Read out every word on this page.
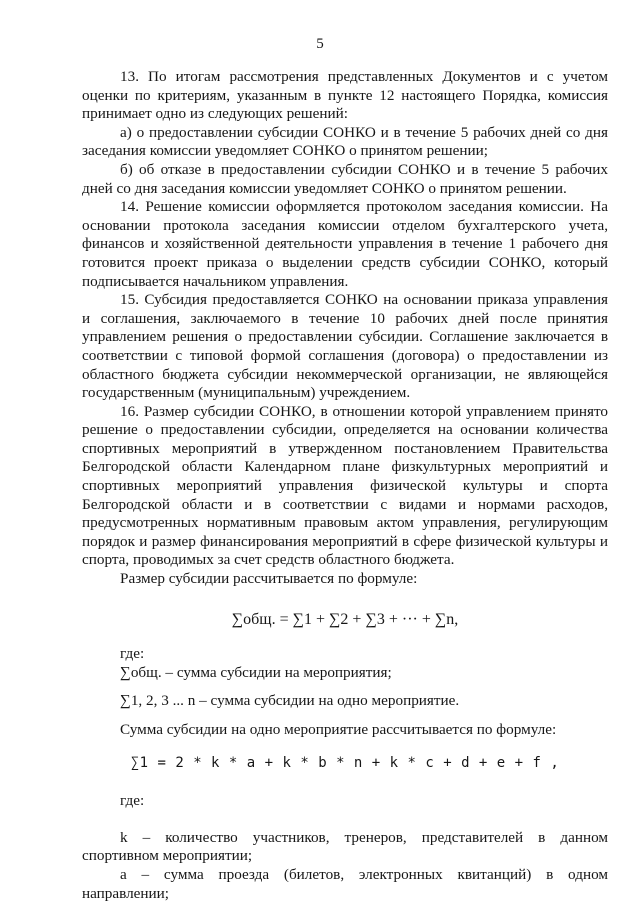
5

13. По итогам рассмотрения представленных Документов и с учетом оценки по критериям, указанным в пункте 12 настоящего Порядка, комиссия принимает одно из следующих решений:

а) о предоставлении субсидии СОНКО и в течение 5 рабочих дней со дня заседания комиссии уведомляет СОНКО о принятом решении;

б) об отказе в предоставлении субсидии СОНКО и в течение 5 рабочих дней со дня заседания комиссии уведомляет СОНКО о принятом решении.

14. Решение комиссии оформляется протоколом заседания комиссии. На основании протокола заседания комиссии отделом бухгалтерского учета, финансов и хозяйственной деятельности управления в течение 1 рабочего дня готовится проект приказа о выделении средств субсидии СОНКО, который подписывается начальником управления.

15. Субсидия предоставляется СОНКО на основании приказа управления и соглашения, заключаемого в течение 10 рабочих дней после принятия управлением решения о предоставлении субсидии. Соглашение заключается в соответствии с типовой формой соглашения (договора) о предоставлении из областного бюджета субсидии некоммерческой организации, не являющейся государственным (муниципальным) учреждением.

16. Размер субсидии СОНКО, в отношении которой управлением принято решение о предоставлении субсидии, определяется на основании количества спортивных мероприятий в утвержденном постановлением Правительства Белгородской области Календарном плане физкультурных мероприятий и спортивных мероприятий управления физической культуры и спорта Белгородской области и в соответствии с видами и нормами расходов, предусмотренных нормативным правовым актом управления, регулирующим порядок и размер финансирования мероприятий в сфере физической культуры и спорта, проводимых за счет средств областного бюджета.

Размер субсидии рассчитывается по формуле:

∑общ. = ∑1 + ∑2 + ∑3 + ··· + ∑n,

где:

∑общ. – сумма субсидии на мероприятия;

∑1, 2, 3 ... n – сумма субсидии на одно мероприятие.

Сумма субсидии на одно мероприятие рассчитывается по формуле:

∑1 = 2 * k * a + k * b * n + k * c + d + e + f ,

где:

k – количество участников, тренеров, представителей в данном спортивном мероприятии;

а – сумма проезда (билетов, электронных квитанций) в одном направлении;
